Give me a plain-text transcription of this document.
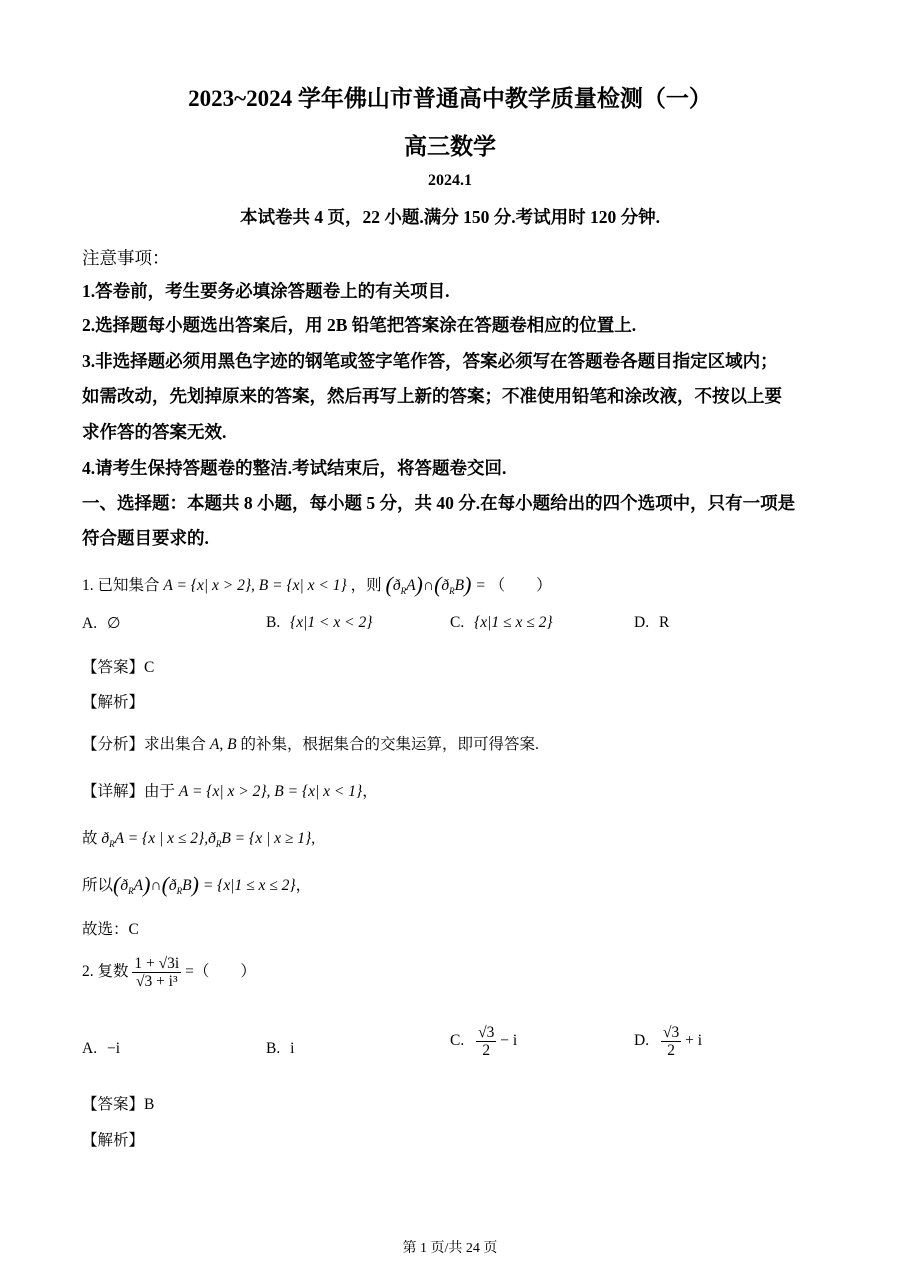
2023~2024 学年佛山市普通高中教学质量检测（一）
高三数学
2024.1
本试卷共 4 页，22 小题.满分 150 分.考试用时 120 分钟.
注意事项：
1.答卷前，考生要务必填涂答题卷上的有关项目.
2.选择题每小题选出答案后，用 2B 铅笔把答案涂在答题卷相应的位置上.
3.非选择题必须用黑色字迹的钢笔或签字笔作答，答案必须写在答题卷各题目指定区域内；
如需改动，先划掉原来的答案，然后再写上新的答案；不准使用铅笔和涂改液，不按以上要
求作答的答案无效.
4.请考生保持答题卷的整洁.考试结束后，将答题卷交回.
一、选择题：本题共 8 小题，每小题 5 分，共 40 分.在每小题给出的四个选项中，只有一项是
符合题目要求的.
1. 已知集合 A = {x| x > 2}, B = {x| x < 1} ，则 $(ð_RA)\cap(ð_RB)$ = （　　）
A. ∅	B. {x|1 < x < 2}	C. {x|1 ≤ x ≤ 2}	D. R
【答案】C
【解析】
【分析】求出集合 A, B 的补集，根据集合的交集运算，即可得答案.
【详解】由于 A = {x| x > 2}, B = {x| x < 1}，
故 $ð_RA = \{x$ | $x \le 2\},ð_RB = \{x$ | x ≥ 1},
所以$(ð_RA)\cap(ð_RB) = \{x|1 \le x \le 2\}$，
故选：C
2. 复数 $\frac{1 + √3i}{\text{√3 + i³}}$ =（　　）
A. −i	B. i	C. $\frac{√3}{2} - i$	D. $\frac{√3}{2} + i$
【答案】B
【解析】
第 1 页/共 24 页
